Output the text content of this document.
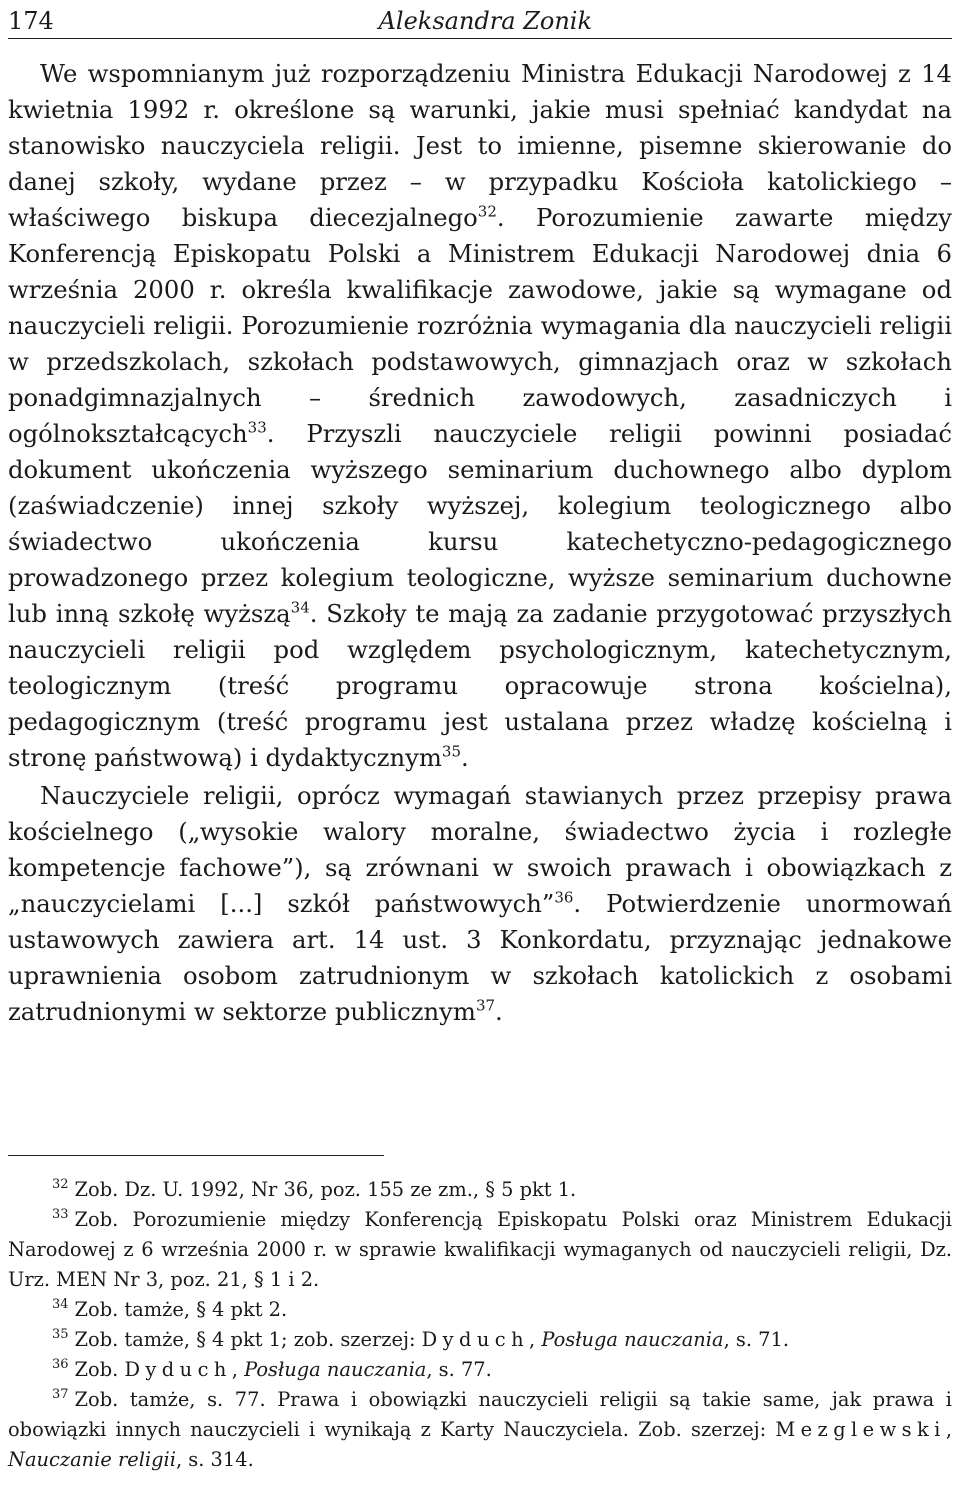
174	Aleksandra Zonik

We wspomnianym już rozporządzeniu Ministra Edukacji Narodowej z 14 kwietnia 1992 r. określone są warunki, jakie musi spełniać kandydat na stanowisko nauczyciela religii. Jest to imienne, pisemne skierowanie do danej szkoły, wydane przez – w przypadku Kościoła katolickiego – właściwego biskupa diecezjalnego$^{32}$. Porozumienie zawarte między Konferencją Episkopatu Polski a Ministrem Edukacji Narodowej dnia 6 września 2000 r. określa kwalifikacje zawodowe, jakie są wymagane od nauczycieli religii. Porozumienie rozróżnia wymagania dla nauczycieli religii w przedszkolach, szkołach podstawowych, gimnazjach oraz w szkołach ponadgimnazjalnych – średnich zawodowych, zasadniczych i ogólnokształcących$^{33}$. Przyszli nauczyciele religii powinni posiadać dokument ukończenia wyższego seminarium duchownego albo dyplom (zaświadczenie) innej szkoły wyższej, kolegium teologicznego albo świadectwo ukończenia kursu katechetyczno-pedagogicznego prowadzonego przez kolegium teologiczne, wyższe seminarium duchowne lub inną szkołę wyższą$^{34}$. Szkoły te mają za zadanie przygotować przyszłych nauczycieli religii pod względem psychologicznym, katechetycznym, teologicznym (treść programu opracowuje strona kościelna), pedagogicznym (treść programu jest ustalana przez władzę kościelną i stronę państwową) i dydaktycznym$^{35}$.

Nauczyciele religii, oprócz wymagań stawianych przez przepisy prawa kościelnego („wysokie walory moralne, świadectwo życia i rozległe kompetencje fachowe”), są zrównani w swoich prawach i obowiązkach z „nauczycielami [...] szkół państwowych”$^{36}$. Potwierdzenie unormowań ustawowych zawiera art. 14 ust. 3 Konkordatu, przyznając jednakowe uprawnienia osobom zatrudnionym w szkołach katolickich z osobami zatrudnionymi w sektorze publicznym$^{37}$.

$^{32}$ Zob. Dz. U. 1992, Nr 36, poz. 155 ze zm., § 5 pkt 1.

$^{33}$ Zob. Porozumienie między Konferencją Episkopatu Polski oraz Ministrem Edukacji Narodowej z 6 września 2000 r. w sprawie kwalifikacji wymaganych od nauczycieli religii, Dz. Urz. MEN Nr 3, poz. 21, § 1 i 2.

$^{34}$ Zob. tamże, § 4 pkt 2.

$^{35}$ Zob. tamże, § 4 pkt 1; zob. szerzej: Dyduch, Posługa nauczania, s. 71.

$^{36}$ Zob. Dyduch, Posługa nauczania, s. 77.

$^{37}$ Zob. tamże, s. 77. Prawa i obowiązki nauczycieli religii są takie same, jak prawa i obowiązki innych nauczycieli i wynikają z Karty Nauczyciela. Zob. szerzej: Mezglewski, Nauczanie religii, s. 314.
